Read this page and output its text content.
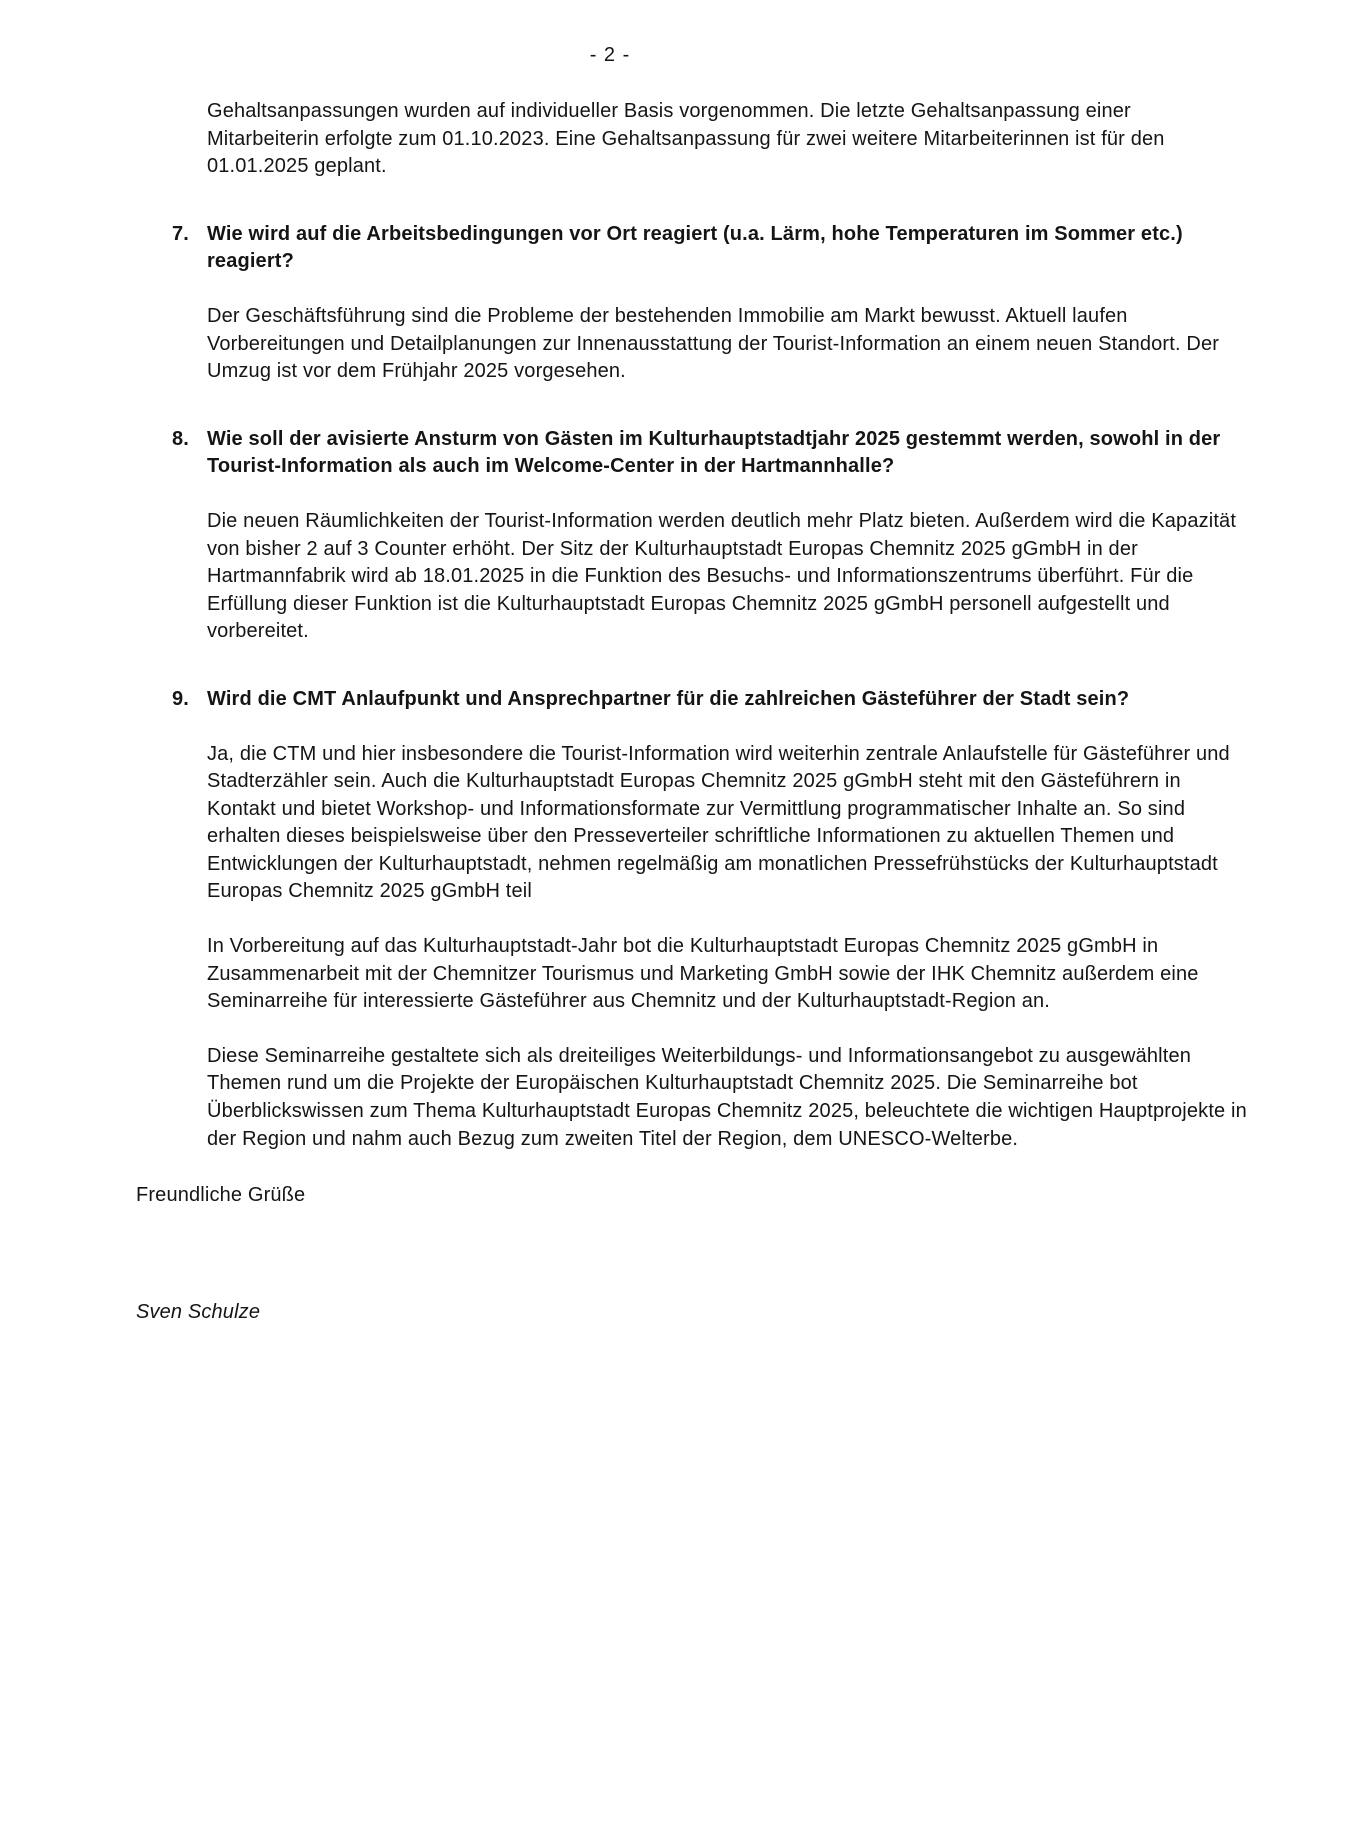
- 2 -

Gehaltsanpassungen wurden auf individueller Basis vorgenommen. Die letzte Gehaltsanpassung einer Mitarbeiterin erfolgte zum 01.10.2023. Eine Gehaltsanpassung für zwei weitere Mitarbeiterinnen ist für den 01.01.2025 geplant.

7. Wie wird auf die Arbeitsbedingungen vor Ort reagiert (u.a. Lärm, hohe Temperaturen im Sommer etc.) reagiert?

Der Geschäftsführung sind die Probleme der bestehenden Immobilie am Markt bewusst. Aktuell laufen Vorbereitungen und Detailplanungen zur Innenausstattung der Tourist-Information an einem neuen Standort. Der Umzug ist vor dem Frühjahr 2025 vorgesehen.

8. Wie soll der avisierte Ansturm von Gästen im Kulturhauptstadtjahr 2025 gestemmt werden, sowohl in der Tourist-Information als auch im Welcome-Center in der Hartmannhalle?

Die neuen Räumlichkeiten der Tourist-Information werden deutlich mehr Platz bieten. Außerdem wird die Kapazität von bisher 2 auf 3 Counter erhöht. Der Sitz der Kulturhauptstadt Europas Chemnitz 2025 gGmbH in der Hartmannfabrik wird ab 18.01.2025 in die Funktion des Besuchs- und Informationszentrums überführt. Für die Erfüllung dieser Funktion ist die Kulturhauptstadt Europas Chemnitz 2025 gGmbH personell aufgestellt und vorbereitet.

9. Wird die CMT Anlaufpunkt und Ansprechpartner für die zahlreichen Gästeführer der Stadt sein?

Ja, die CTM und hier insbesondere die Tourist-Information wird weiterhin zentrale Anlaufstelle für Gästeführer und Stadterzähler sein. Auch die Kulturhauptstadt Europas Chemnitz 2025 gGmbH steht mit den Gästeführern in Kontakt und bietet Workshop- und Informationsformate zur Vermittlung programmatischer Inhalte an. So sind erhalten dieses beispielsweise über den Presseverteiler schriftliche Informationen zu aktuellen Themen und Entwicklungen der Kulturhauptstadt, nehmen regelmäßig am monatlichen Pressefrühstücks der Kulturhauptstadt Europas Chemnitz 2025 gGmbH teil

In Vorbereitung auf das Kulturhauptstadt-Jahr bot die Kulturhauptstadt Europas Chemnitz 2025 gGmbH in Zusammenarbeit mit der Chemnitzer Tourismus und Marketing GmbH sowie der IHK Chemnitz außerdem eine Seminarreihe für interessierte Gästeführer aus Chemnitz und der Kulturhauptstadt-Region an.

Diese Seminarreihe gestaltete sich als dreiteiliges Weiterbildungs- und Informationsangebot zu ausgewählten Themen rund um die Projekte der Europäischen Kulturhauptstadt Chemnitz 2025. Die Seminarreihe bot Überblickswissen zum Thema Kulturhauptstadt Europas Chemnitz 2025, beleuchtete die wichtigen Hauptprojekte in der Region und nahm auch Bezug zum zweiten Titel der Region, dem UNESCO-Welterbe.

Freundliche Grüße

Sven Schulze
